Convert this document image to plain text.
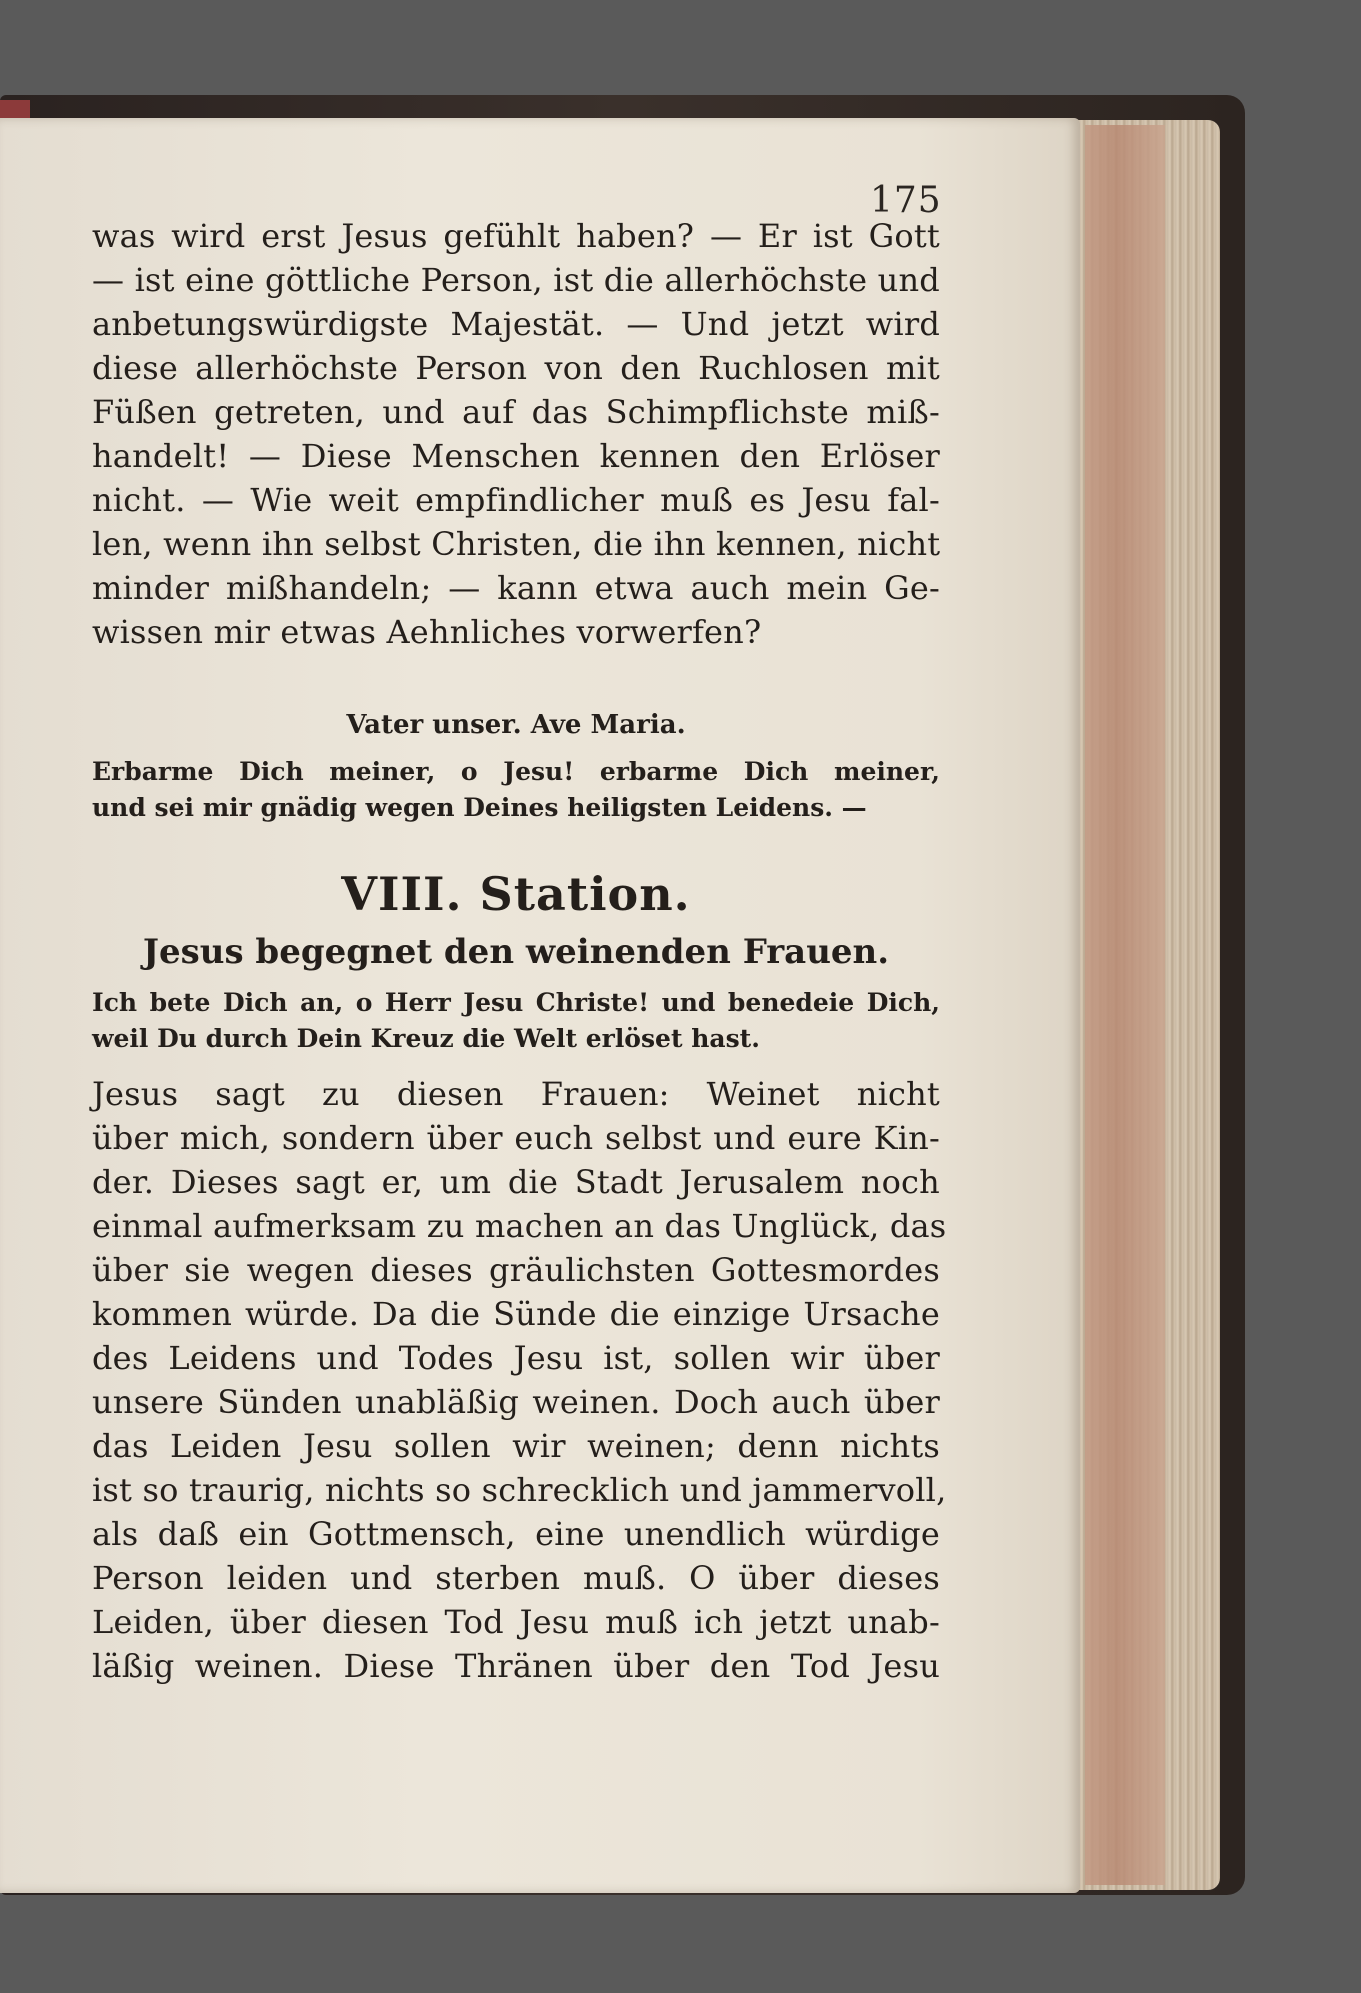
175
was wird erst Jesus gefühlt haben? — Er ist Gott
— ist eine göttliche Person, ist die allerhöchste und
anbetungswürdigste Majestät. — Und jetzt wird
diese allerhöchste Person von den Ruchlosen mit
Füßen getreten, und auf das Schimpflichste miß-
handelt! — Diese Menschen kennen den Erlöser
nicht. — Wie weit empfindlicher muß es Jesu fal-
len, wenn ihn selbst Christen, die ihn kennen, nicht
minder mißhandeln; — kann etwa auch mein Ge-
wissen mir etwas Aehnliches vorwerfen?
Vater unser. Ave Maria.
Erbarme Dich meiner, o Jesu! erbarme Dich meiner,
und sei mir gnädig wegen Deines heiligsten Leidens. —
VIII. Station.
Jesus begegnet den weinenden Frauen.
Ich bete Dich an, o Herr Jesu Christe! und benedeie Dich,
weil Du durch Dein Kreuz die Welt erlöset hast.
Jesus sagt zu diesen Frauen: Weinet nicht
über mich, sondern über euch selbst und eure Kin-
der. Dieses sagt er, um die Stadt Jerusalem noch
einmal aufmerksam zu machen an das Unglück, das
über sie wegen dieses gräulichsten Gottesmordes
kommen würde. Da die Sünde die einzige Ursache
des Leidens und Todes Jesu ist, sollen wir über
unsere Sünden unabläßig weinen. Doch auch über
das Leiden Jesu sollen wir weinen; denn nichts
ist so traurig, nichts so schrecklich und jammervoll,
als daß ein Gottmensch, eine unendlich würdige
Person leiden und sterben muß. O über dieses
Leiden, über diesen Tod Jesu muß ich jetzt unab-
läßig weinen. Diese Thränen über den Tod Jesu
